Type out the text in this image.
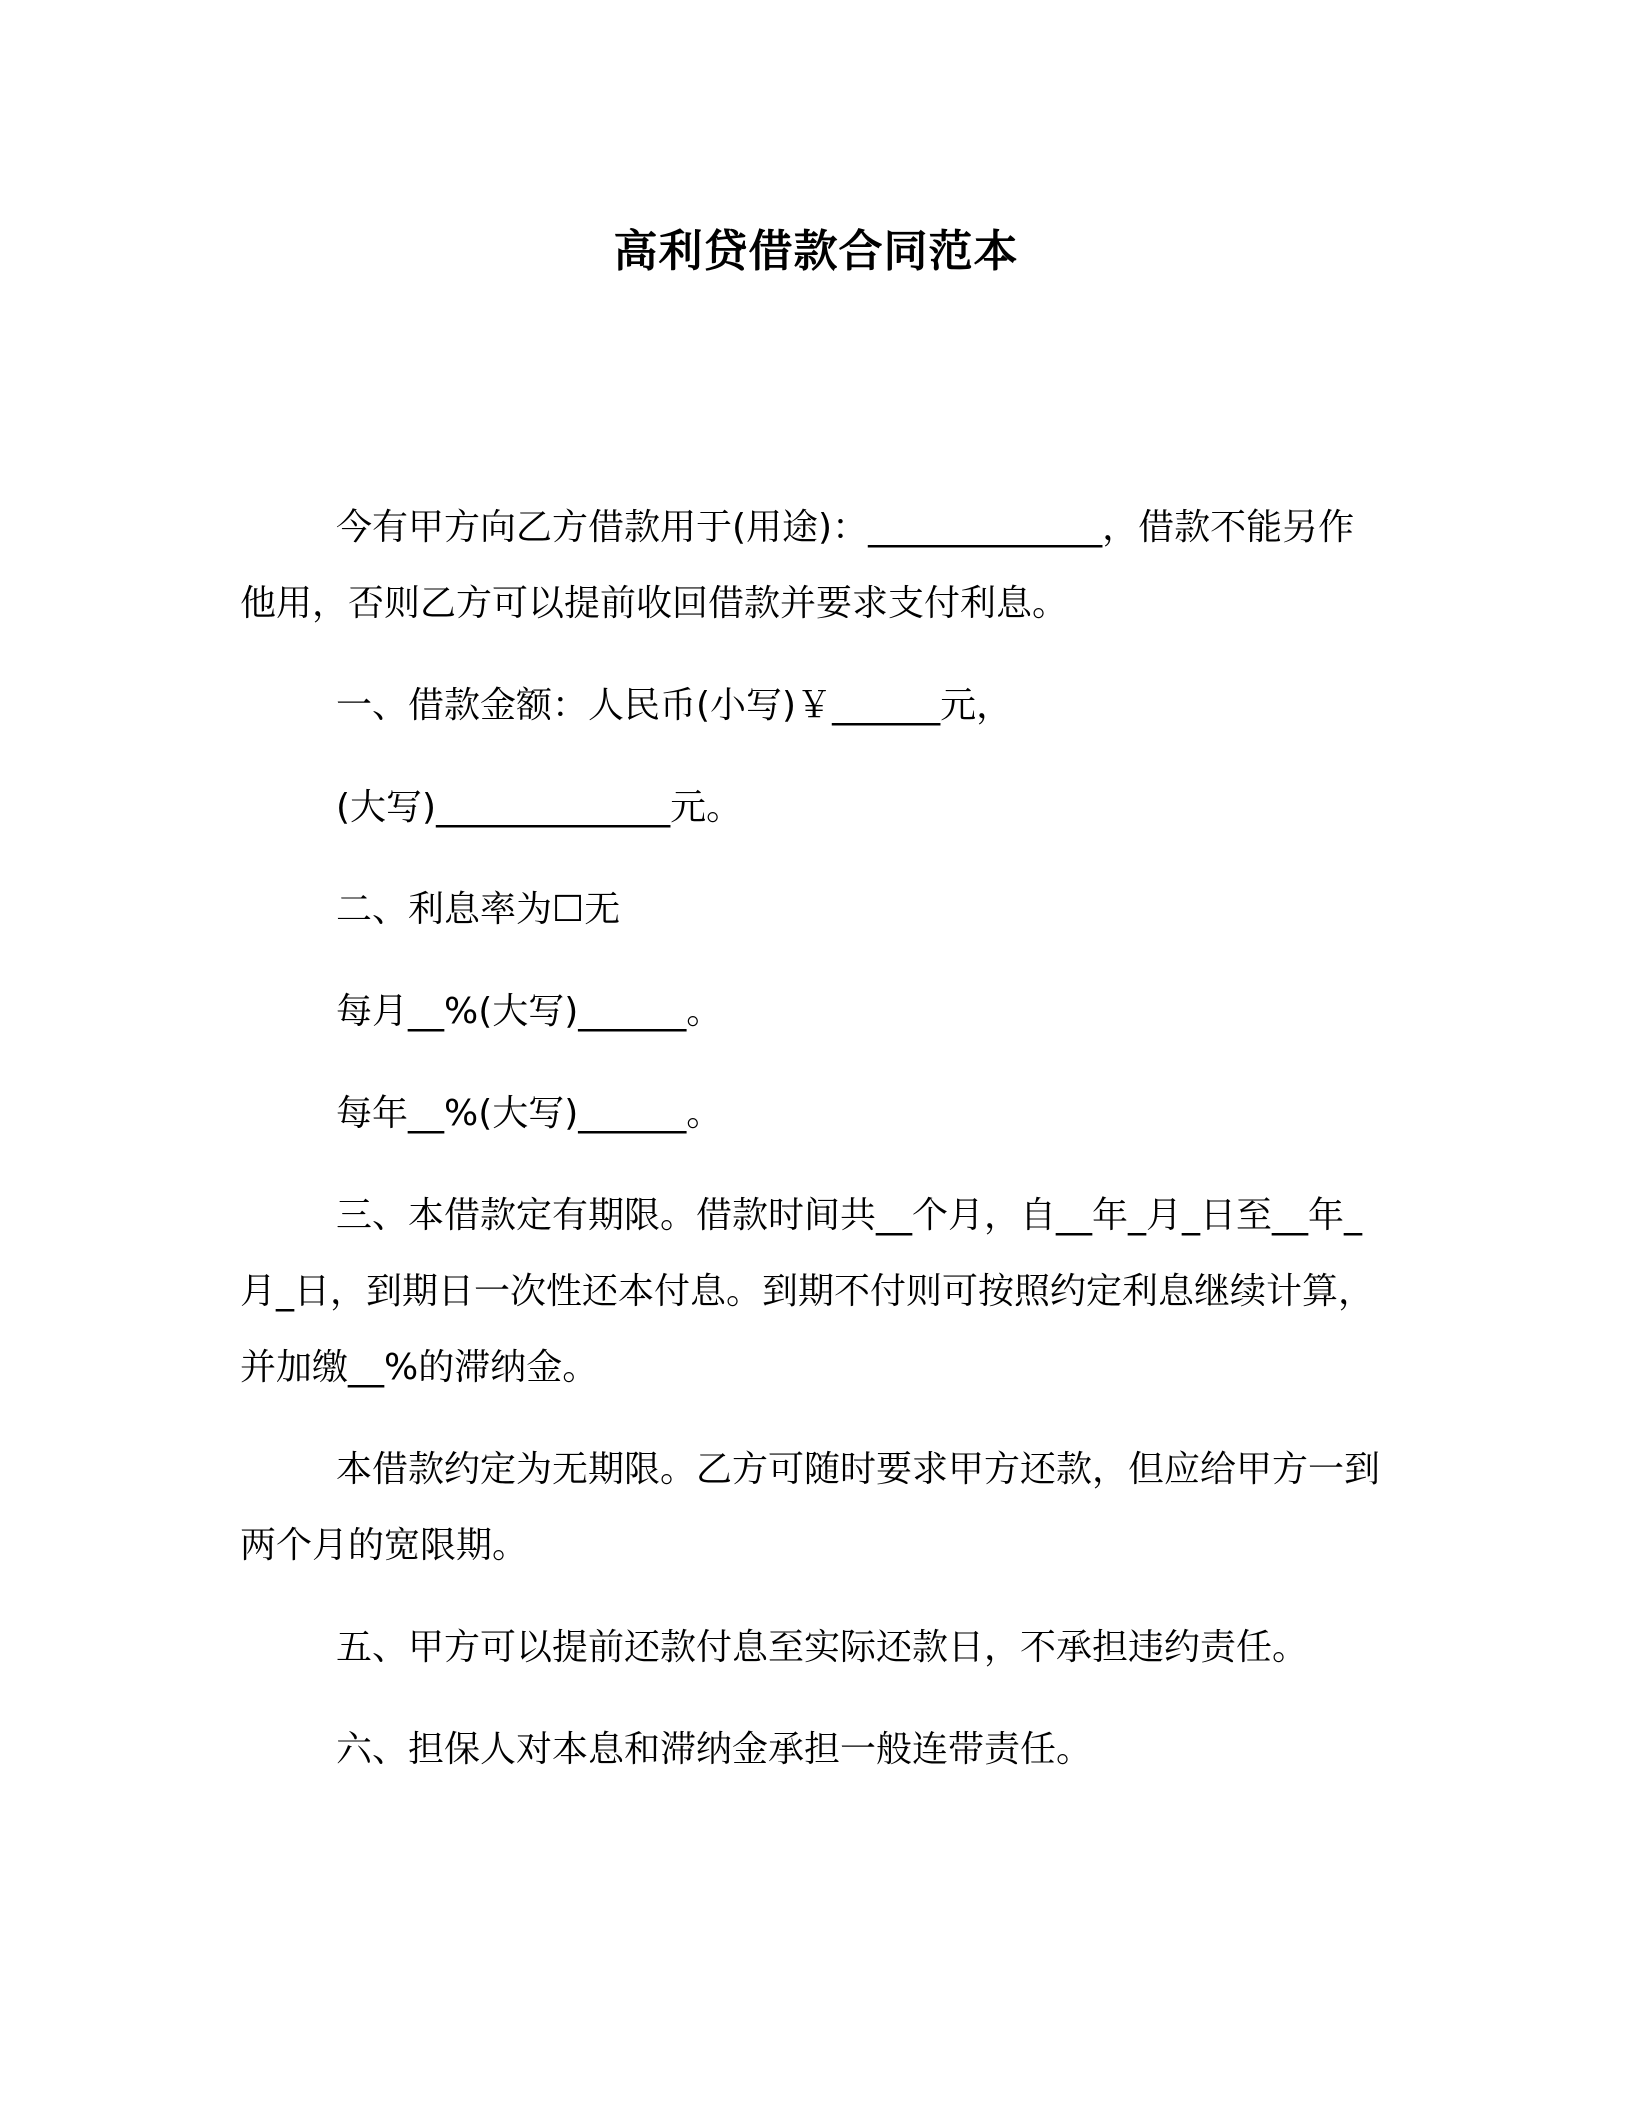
高利贷借款合同范本

今有甲方向乙方借款用于(用途)：_____________，借款不能另作他用，否则乙方可以提前收回借款并要求支付利息。

一、借款金额：人民币(小写)￥______元，

(大写)_____________元。

二、利息率为☐无

每月__%(大写)______。

每年__%(大写)______。

三、本借款定有期限。借款时间共__个月，自__年_月_日至__年_月_日，到期日一次性还本付息。到期不付则可按照约定利息继续计算，并加缴__%的滞纳金。

本借款约定为无期限。乙方可随时要求甲方还款，但应给甲方一到两个月的宽限期。

五、甲方可以提前还款付息至实际还款日，不承担违约责任。

六、担保人对本息和滞纳金承担一般连带责任。
